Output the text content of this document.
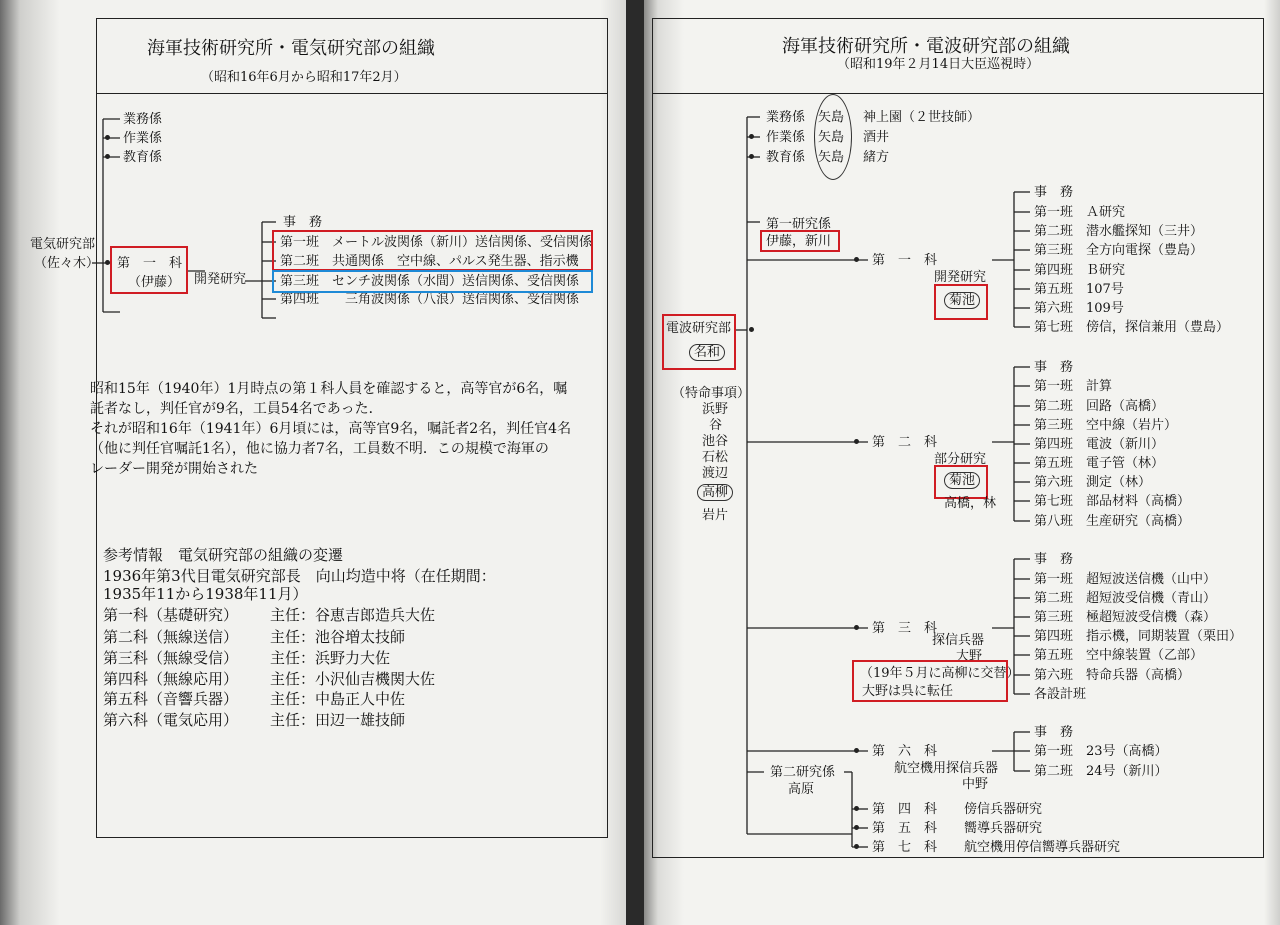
海軍技術研究所・電気研究部の組織
（昭和16年6月から昭和17年2月）
業務係
作業係
教育係
電気研究部
（佐々木） 第　一　科
（伊藤） 開発研究
事　務
第一班　メートル波関係（新川）送信関係、受信関係
第二班　共通関係　空中線、パルス発生器、指示機
第三班　センチ波関係（水間）送信関係、受信関係
第四班　　三角波関係（八浪）送信関係、受信関係
昭和15年（1940年）1月時点の第１科人員を確認すると，高等官が6名，嘱
託者なし，判任官が9名，工員54名であった．
それが昭和16年（1941年）6月頃には，高等官9名，嘱託者2名，判任官4名
（他に判任官嘱託1名），他に協力者7名，工員数不明．この規模で海軍の
レーダー開発が開始された
参考情報　電気研究部の組織の変遷
1936年第3代目電気研究部長　向山均造中将（在任期間：
1935年11から1938年11月）
第一科（基礎研究） 主任：谷恵吉郎造兵大佐
第二科（無線送信） 主任：池谷増太技師
第三科（無線受信） 主任：浜野力大佐
第四科（無線応用） 主任：小沢仙吉機関大佐
第五科（音響兵器） 主任：中島正人中佐
第六科（電気応用） 主任：田辺一雄技師
海軍技術研究所・電波研究部の組織
（昭和19年２月14日大臣巡視時）
業務係 矢島 神上園（２世技師）
作業係 矢島 酒井
教育係 矢島 緒方
電波研究部
名和
（特命事項）
浜野
谷
池谷
石松
渡辺
高柳
岩片
第一研究係
伊藤，新川
第　一　科
開発研究
菊池
事　務
第一班　Ａ研究
第二班　潜水艦探知（三井）
第三班　全方向電探（豊島）
第四班　Ｂ研究
第五班　107号
第六班　109号
第七班　傍信，探信兼用（豊島）
第　二　科
部分研究
菊池
高橋，林
事　務
第一班　計算
第二班　回路（高橋）
第三班　空中線（岩片）
第四班　電波（新川）
第五班　電子管（林）
第六班　測定（林）
第七班　部品材料（高橋）
第八班　生産研究（高橋）
第　三　科
探信兵器
大野
（19年５月に高柳に交替）
大野は呉に転任
事　務
第一班　超短波送信機（山中）
第二班　超短波受信機（青山）
第三班　極超短波受信機（森）
第四班　指示機，同期装置（栗田）
第五班　空中線装置（乙部）
第六班　特命兵器（高橋）
各設計班
第　六　科
航空機用探信兵器
中野
事　務
第一班　23号（高橋）
第二班　24号（新川）
第二研究係
高原
第　四　科 傍信兵器研究
第　五　科 嚮導兵器研究
第　七　科 航空機用停信嚮導兵器研究
